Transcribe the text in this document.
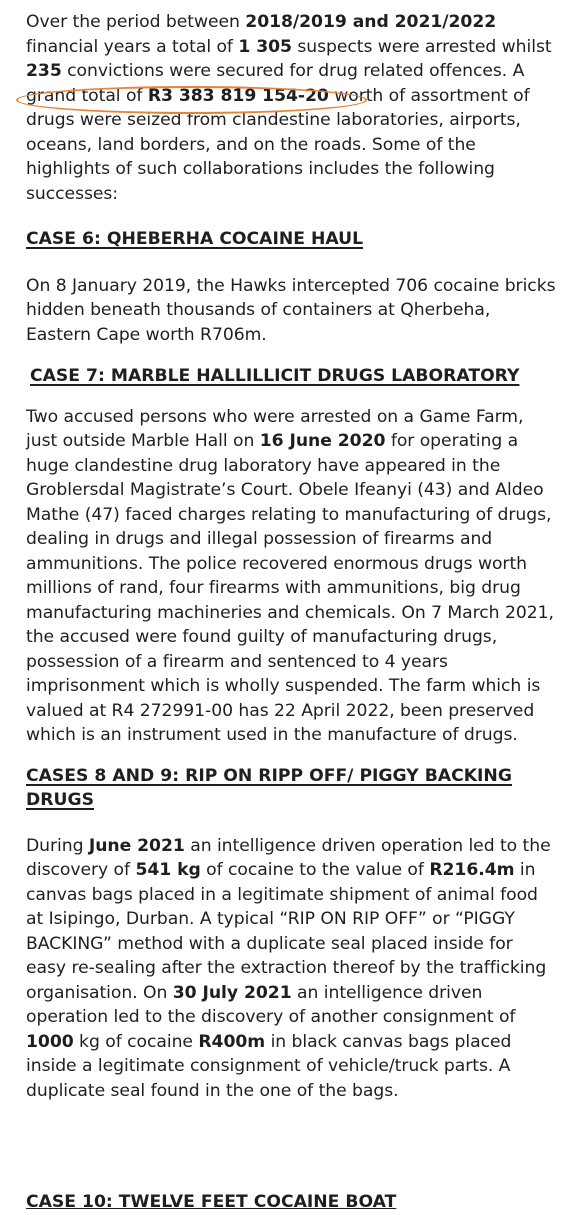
Over the period between 2018/2019 and 2021/2022 financial years a total of 1 305 suspects were arrested whilst 235 convictions were secured for drug related offences. A
grand total of R3 383 819 154-20 worth of assortment of drugs were seized from clandestine laboratories, airports, oceans, land borders, and on the roads. Some of the highlights of such collaborations includes the following successes:

CASE 6: QHEBERHA COCAINE HAUL

On 8 January 2019, the Hawks intercepted 706 cocaine bricks hidden beneath thousands of containers at Qherbeha, Eastern Cape worth R706m.

CASE 7: MARBLE HALLILLICIT DRUGS LABORATORY

Two accused persons who were arrested on a Game Farm, just outside Marble Hall on 16 June 2020 for operating a huge clandestine drug laboratory have appeared in the Groblersdal Magistrate’s Court. Obele Ifeanyi (43) and Aldeo Mathe (47) faced charges relating to manufacturing of drugs, dealing in drugs and illegal possession of firearms and ammunitions. The police recovered enormous drugs worth millions of rand, four firearms with ammunitions, big drug manufacturing machineries and chemicals. On 7 March 2021, the accused were found guilty of manufacturing drugs, possession of a firearm and sentenced to 4 years imprisonment which is wholly suspended. The farm which is valued at R4 272991-00 has 22 April 2022, been preserved which is an instrument used in the manufacture of drugs.

CASES 8 AND 9: RIP ON RIPP OFF/ PIGGY BACKING DRUGS

During June 2021 an intelligence driven operation led to the discovery of 541 kg of cocaine to the value of R216.4m in canvas bags placed in a legitimate shipment of animal food at Isipingo, Durban. A typical “RIP ON RIP OFF” or “PIGGY BACKING” method with a duplicate seal placed inside for easy re-sealing after the extraction thereof by the trafficking organisation. On 30 July 2021 an intelligence driven operation led to the discovery of another consignment of 1000 kg of cocaine R400m in black canvas bags placed inside a legitimate consignment of vehicle/truck parts. A duplicate seal found in the one of the bags.

CASE 10: TWELVE FEET COCAINE BOAT
